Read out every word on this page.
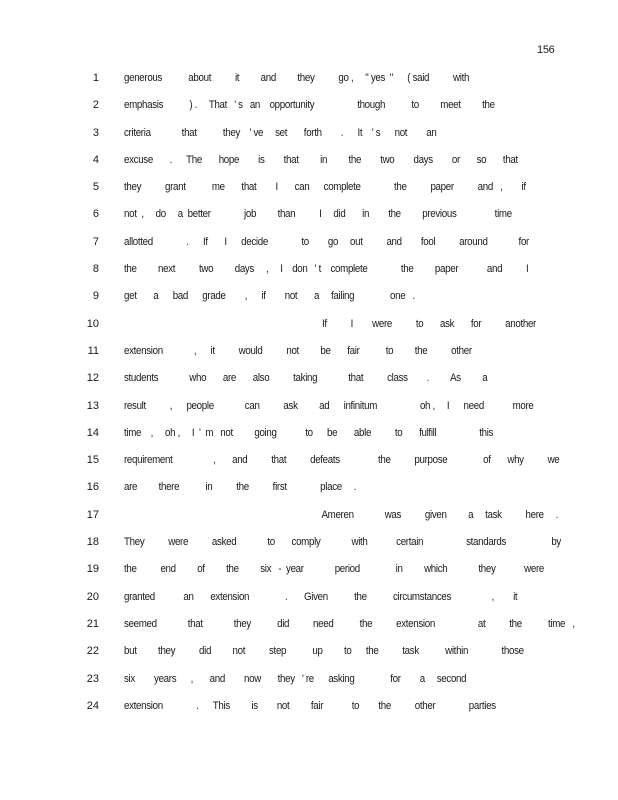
156
1 generous           about          it         and         they          go ,     " yes  "      ( said          with
2 emphasis           ) .     That   ' s   an    opportunity                  though           to         meet         the
3 criteria             that           they    ' ve     set       forth        .      It    ' s      not        an
4 excuse       .      The       hope        is        that         in         the        two        days        or       so       that
5 they          grant           me       that        I       can      complete              the          paper          and   ,        if
6 not  ,     do     a  better              job         than          I     did       in        the         previous                time
7 allotted              .      If       I      decide              to        go     out          and        fool          around             for
8 the         next          two         days     ,     I    don   ' t    complete              the         paper            and          I
9 get       a      bad      grade        ,      if        not       a     failing               one   .
10 If          I        were          to       ask       for          another
11 extension             ,      it          would          not         be       fair           to         the          other
12 students             who       are       also          taking             that          class        .         As         a
13 result          ,      people             can          ask         ad      infinitum                  oh ,     I      need            more
14 time    ,     oh ,     I  '  m   not         going            to      be       able          to       fulfill                  this
15 requirement                 ,       and          that          defeats                the          purpose               of       why          we
16 are         there           in          the          first              place     .
17 Ameren             was          given         a     task          here     .
18 They          were          asked             to       comply             with            certain                  standards                   by
19 the          end         of         the         six   -  year             period               in         which             they            were
20 granted            an       extension               .       Given           the           circumstances                 ,        it
21 seemed             that             they           did          need           the          extension                  at          the           time   ,
22 but         they          did         not          step           up         to      the          task           within              those
23 six        years      ,       and        now       they   ' re      asking               for        a     second
24 extension              .      This         is        not         fair            to        the          other              parties
